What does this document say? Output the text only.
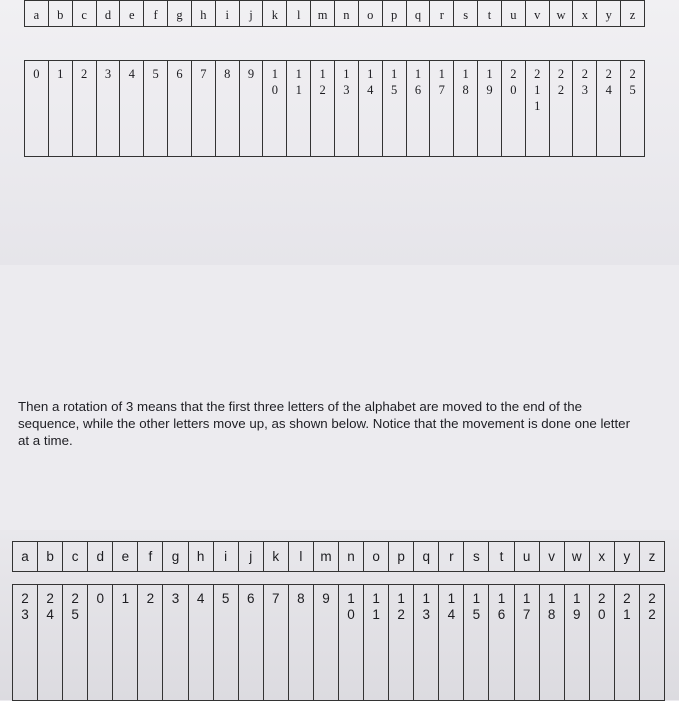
a b c d e f g h i j k l m n o p q r s t u v w x y z
0 1 2 3 4 5 6 7 8 9 1
0
1
1
1
2
1
3
1
4
1
5
1
6
1
7
1
8
1
9
2
0
2
1
1
2
2
2
3
2
4
2
5

Then a rotation of 3 means that the first three letters of the alphabet are moved to the end of the sequence, while the other letters move up, as shown below. Notice that the movement is done one letter at a time.

a b c d e f g h i j k l m n o p q r s t u v w x y z
2
3
2
4
2
5
0 1 2 3 4 5 6 7 8 9 1
0
1
1
1
2
1
3
1
4
1
5
1
6
1
7
1
8
1
9
2
0
2
1
2
2
